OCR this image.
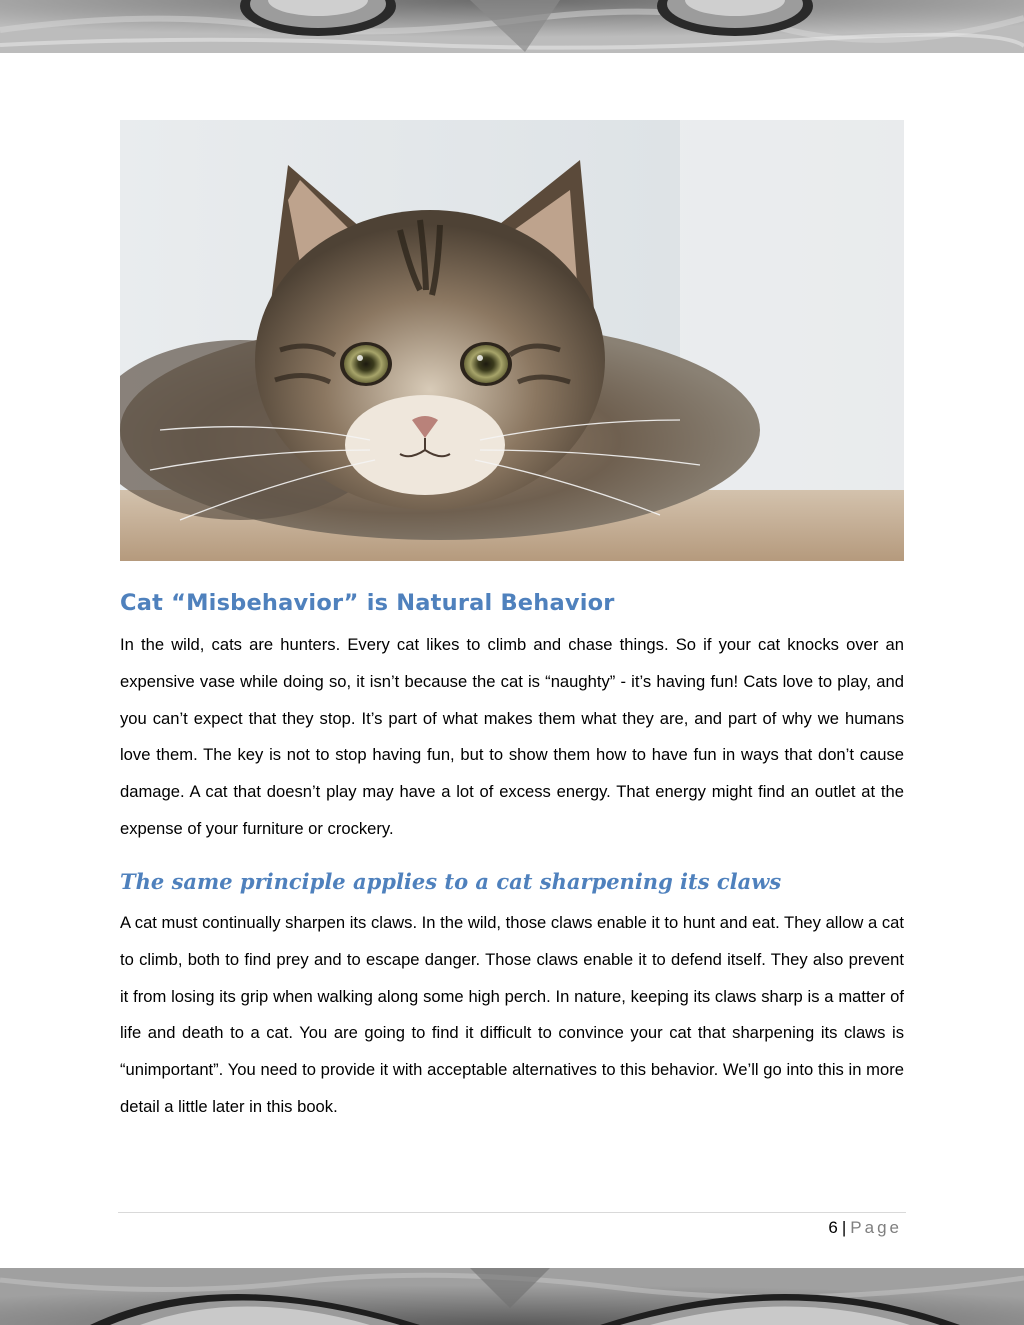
Cat “Misbehavior” is Natural Behavior

In the wild, cats are hunters. Every cat likes to climb and chase things. So if your cat knocks over an expensive vase while doing so, it isn’t because the cat is “naughty” - it’s having fun! Cats love to play, and you can’t expect that they stop. It’s part of what makes them what they are, and part of why we humans love them. The key is not to stop having fun, but to show them how to have fun in ways that don’t cause damage. A cat that doesn’t play may have a lot of excess energy. That energy might find an outlet at the expense of your furniture or crockery.

The same principle applies to a cat sharpening its claws

A cat must continually sharpen its claws. In the wild, those claws enable it to hunt and eat. They allow a cat to climb, both to find prey and to escape danger. Those claws enable it to defend itself. They also prevent it from losing its grip when walking along some high perch. In nature, keeping its claws sharp is a matter of life and death to a cat. You are going to find it difficult to convince your cat that sharpening its claws is “unimportant”. You need to provide it with acceptable alternatives to this behavior. We’ll go into this in more detail a little later in this book.

6 | Page
